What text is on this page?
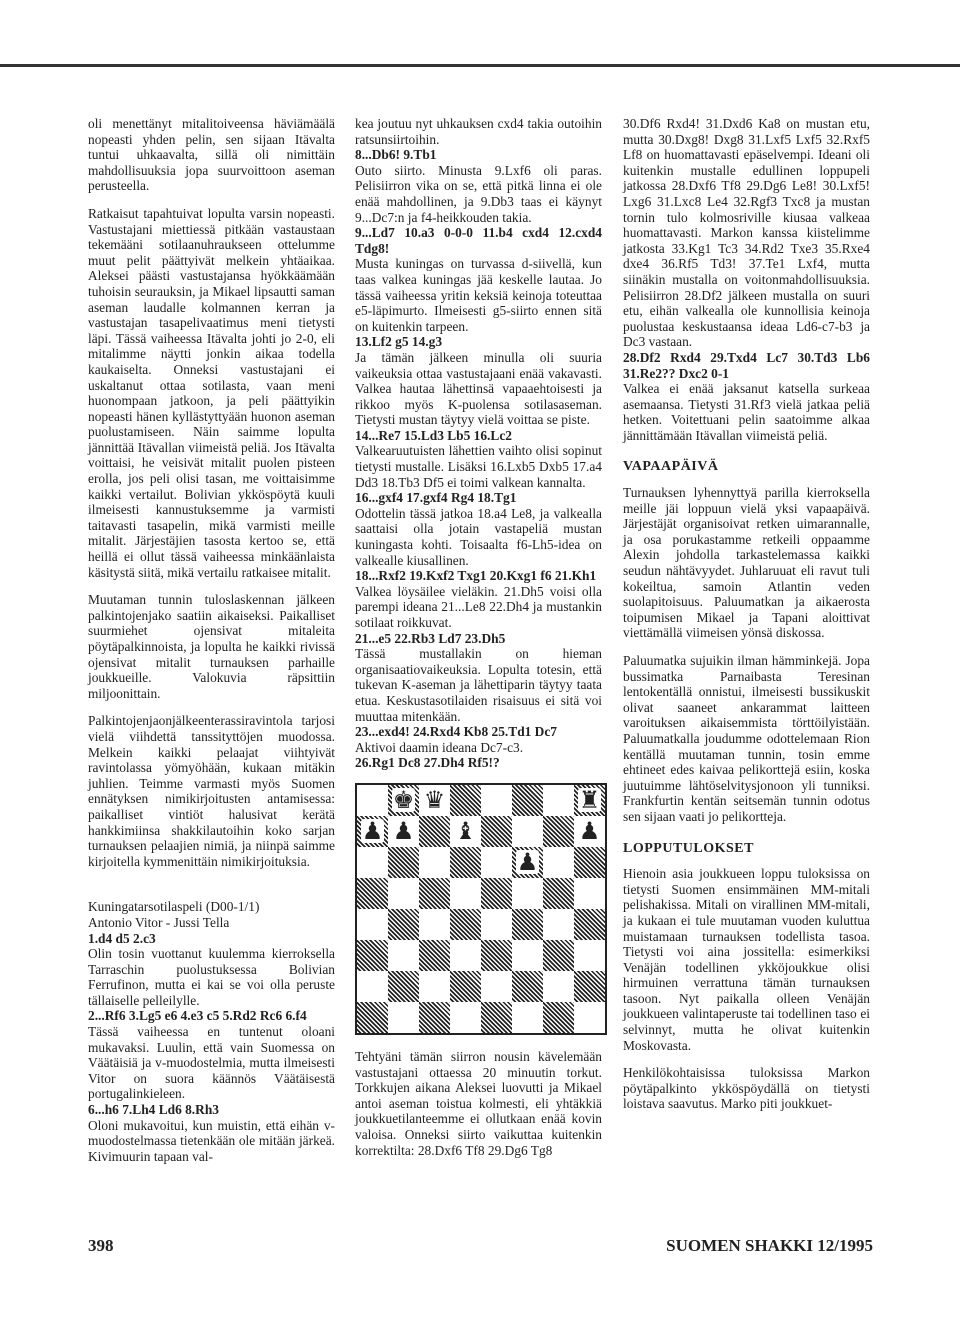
oli menettänyt mitalitoiveensa häviämäälä nopeasti yhden pelin, sen sijaan Itävalta tuntui uhkaavalta, sillä oli nimittäin mahdollisuuksia jopa suurvoittoon aseman perusteella.

Ratkaisut tapahtuivat lopulta varsin nopeasti. Vastustajani miettiessä pitkään vastaustaan tekemääni sotilaanuhraukseen ottelumme muut pelit päättyivät melkein yhtäaikaa. Aleksei päästi vastustajansa hyökkäämään tuhoisin seurauksin, ja Mikael lipsautti saman aseman laudalle kolmannen kerran ja vastustajan tasapelivaatimus meni tietysti läpi. Tässä vaiheessa Itävalta johti jo 2-0, eli mitalimme näytti jonkin aikaa todella kaukaiselta. Onneksi vastustajani ei uskaltanut ottaa sotilasta, vaan meni huonompaan jatkoon, ja peli päättyikin nopeasti hänen kyllästyttyään huonon aseman puolustamiseen. Näin saimme lopulta jännittää Itävallan viimeistä peliä. Jos Itävalta voittaisi, he veisivät mitalit puolen pisteen erolla, jos peli olisi tasan, me voittaisimme kaikki vertailut. Bolivian ykköspöytä kuuli ilmeisesti kannustuksemme ja varmisti taitavasti tasapelin, mikä varmisti meille mitalit. Järjestäjien tasosta kertoo se, että heillä ei ollut tässä vaiheessa minkäänlaista käsitystä siitä, mikä vertailu ratkaisee mitalit.

Muutaman tunnin tuloslaskennan jälkeen palkintojenjako saatiin aikaiseksi. Paikalliset suurmiehet ojensivat mitaleita pöytäpalkinnoista, ja lopulta he kaikki rivissä ojensivat mitalit turnauksen parhaille joukkueille. Valokuvia räpsittiin miljoonittain.

Palkintojenjaonjälkeenterassiravintola tarjosi vielä viihdettä tanssityttöjen muodossa. Melkein kaikki pelaajat viihtyivät ravintolassa yömyöhään, kukaan mitäkin juhlien. Teimme varmasti myös Suomen ennätyksen nimikirjoitusten antamisessa: paikalliset vintiöt halusivat kerätä hankkimiinsa shakkilautoihin koko sarjan turnauksen pelaajien nimiä, ja niinpä saimme kirjoitella kymmenittäin nimikirjoituksia.

Kuningatarsotilaspeli (D00-1/1)

Antonio Vitor - Jussi Tella

1.d4 d5 2.c3

Olin tosin vuottanut kuulemma kierroksella Tarraschin puolustuksessa Bolivian Ferrufinon, mutta ei kai se voi olla peruste tällaiselle pelleilylle.

2...Rf6 3.Lg5 e6 4.e3 c5 5.Rd2 Rc6 6.f4

Tässä vaiheessa en tuntenut oloani mukavaksi. Luulin, että vain Suomessa on Väätäisiä ja v-muodostelmia, mutta ilmeisesti Vitor on suora käännös Väätäisestä portugalinkieleen.

6...h6 7.Lh4 Ld6 8.Rh3

Oloni mukavoitui, kun muistin, että eihän v-muodostelmassa tietenkään ole mitään järkeä. Kivimuurin tapaan val-

kea joutuu nyt uhkauksen cxd4 takia outoihin ratsunsiirtoihin.

8...Db6! 9.Tb1

Outo siirto. Minusta 9.Lxf6 oli paras. Pelisiirron vika on se, että pitkä linna ei ole enää mahdollinen, ja 9.Db3 taas ei käynyt 9...Dc7:n ja f4-heikkouden takia.

9...Ld7 10.a3 0-0-0 11.b4 cxd4 12.cxd4 Tdg8!

Musta kuningas on turvassa d-siivellä, kun taas valkea kuningas jää keskelle lautaa. Jo tässä vaiheessa yritin keksiä keinoja toteuttaa e5-läpimurto. Ilmeisesti g5-siirto ennen sitä on kuitenkin tarpeen.

13.Lf2 g5 14.g3

Ja tämän jälkeen minulla oli suuria vaikeuksia ottaa vastustajaani enää vakavasti. Valkea hautaa lähettinsä vapaaehtoisesti ja rikkoo myös K-puolensa sotilasaseman. Tietysti mustan täytyy vielä voittaa se piste.

14...Re7 15.Ld3 Lb5 16.Lc2

Valkearuutuisten lähettien vaihto olisi sopinut tietysti mustalle. Lisäksi 16.Lxb5 Dxb5 17.a4 Dd3 18.Tb3 Df5 ei toimi valkean kannalta.

16...gxf4 17.gxf4 Rg4 18.Tg1

Odottelin tässä jatkoa 18.a4 Le8, ja valkealla saattaisi olla jotain vastapeliä mustan kuningasta kohti. Toisaalta f6-Lh5-idea on valkealle kiusallinen.

18...Rxf2 19.Kxf2 Txg1 20.Kxg1 f6 21.Kh1

Valkea löysäilee vieläkin. 21.Dh5 voisi olla parempi ideana 21...Le8 22.Dh4 ja mustankin sotilaat roikkuvat.

21...e5 22.Rb3 Ld7 23.Dh5

Tässä mustallakin on hieman organisaatiovaikeuksia. Lopulta totesin, että tukevan K-aseman ja lähettiparin täytyy taata etua. Keskustasotilaiden risaisuus ei sitä voi muuttaa mitenkään.

23...exd4! 24.Rxd4 Kb8 25.Td1 Dc7

Aktivoi daamin ideana Dc7-c3.

26.Rg1 Dc8 27.Dh4 Rf5!?
♚ ♛	♜
♟ ♟ ♝	♟
♟

Tehtyäni tämän siirron nousin kävelemään vastustajani ottaessa 20 minuutin torkut. Torkkujen aikana Aleksei luovutti ja Mikael antoi aseman toistua kolmesti, eli yhtäkkiä joukkuetilanteemme ei ollutkaan enää kovin valoisa. Onneksi siirto vaikuttaa kuitenkin korrektilta: 28.Dxf6 Tf8 29.Dg6 Tg8

30.Df6 Rxd4! 31.Dxd6 Ka8 on mustan etu, mutta 30.Dxg8! Dxg8 31.Lxf5 Lxf5 32.Rxf5 Lf8 on huomattavasti epäselvempi. Ideani oli kuitenkin mustalle edullinen loppupeli jatkossa 28.Dxf6 Tf8 29.Dg6 Le8! 30.Lxf5! Lxg6 31.Lxc8 Le4 32.Rgf3 Txc8 ja mustan tornin tulo kolmosriville kiusaa valkeaa huomattavasti. Markon kanssa kiistelimme jatkosta 33.Kg1 Tc3 34.Rd2 Txe3 35.Rxe4 dxe4 36.Rf5 Td3! 37.Te1 Lxf4, mutta siinäkin mustalla on voitonmahdollisuuksia. Pelisiirron 28.Df2 jälkeen mustalla on suuri etu, eihän valkealla ole kunnollisia keinoja puolustaa keskustaansa ideaa Ld6-c7-b3 ja Dc3 vastaan.

28.Df2 Rxd4 29.Txd4 Lc7 30.Td3 Lb6 31.Re2?? Dxc2 0-1

Valkea ei enää jaksanut katsella surkeaa asemaansa. Tietysti 31.Rf3 vielä jatkaa peliä hetken. Voitettuani pelin saatoimme alkaa jännittämään Itävallan viimeistä peliä.

VAPAAPÄIVÄ

Turnauksen lyhennyttyä parilla kierroksella meille jäi loppuun vielä yksi vapaapäivä. Järjestäjät organisoivat retken uimarannalle, ja osa porukastamme retkeili oppaamme Alexin johdolla tarkastelemassa kaikki seudun nähtävyydet. Juhlaruuat eli ravut tuli kokeiltua, samoin Atlantin veden suolapitoisuus. Paluumatkan ja aikaerosta toipumisen Mikael ja Tapani aloittivat viettämällä viimeisen yönsä diskossa.

Paluumatka sujuikin ilman hämminkejä. Jopa bussimatka Parnaibasta Teresinan lentokentällä onnistui, ilmeisesti bussikuskit olivat saaneet ankarammat laitteen varoituksen aikaisemmista törttöilyistään. Paluumatkalla joudumme odottelemaan Rion kentällä muutaman tunnin, tosin emme ehtineet edes kaivaa pelikorttejä esiin, koska juutuimme lähtöselvitysjonoon yli tunniksi. Frankfurtin kentän seitsemän tunnin odotus sen sijaan vaati jo pelikortteja.

LOPPUTULOKSET

Hienoin asia joukkueen loppu tuloksissa on tietysti Suomen ensimmäinen MM-mitali pelishakissa. Mitali on virallinen MM-mitali, ja kukaan ei tule muutaman vuoden kuluttua muistamaan turnauksen todellista tasoa. Tietysti voi aina jossitella: esimerkiksi Venäjän todellinen ykköjoukkue olisi hirmuinen verrattuna tämän turnauksen tasoon. Nyt paikalla olleen Venäjän joukkueen valintaperuste tai todellinen taso ei selvinnyt, mutta he olivat kuitenkin Moskovasta.

Henkilökohtaisissa tuloksissa Markon pöytäpalkinto ykköspöydällä on tietysti loistava saavutus. Marko piti joukkuet-

398	SUOMEN SHAKKI 12/1995
